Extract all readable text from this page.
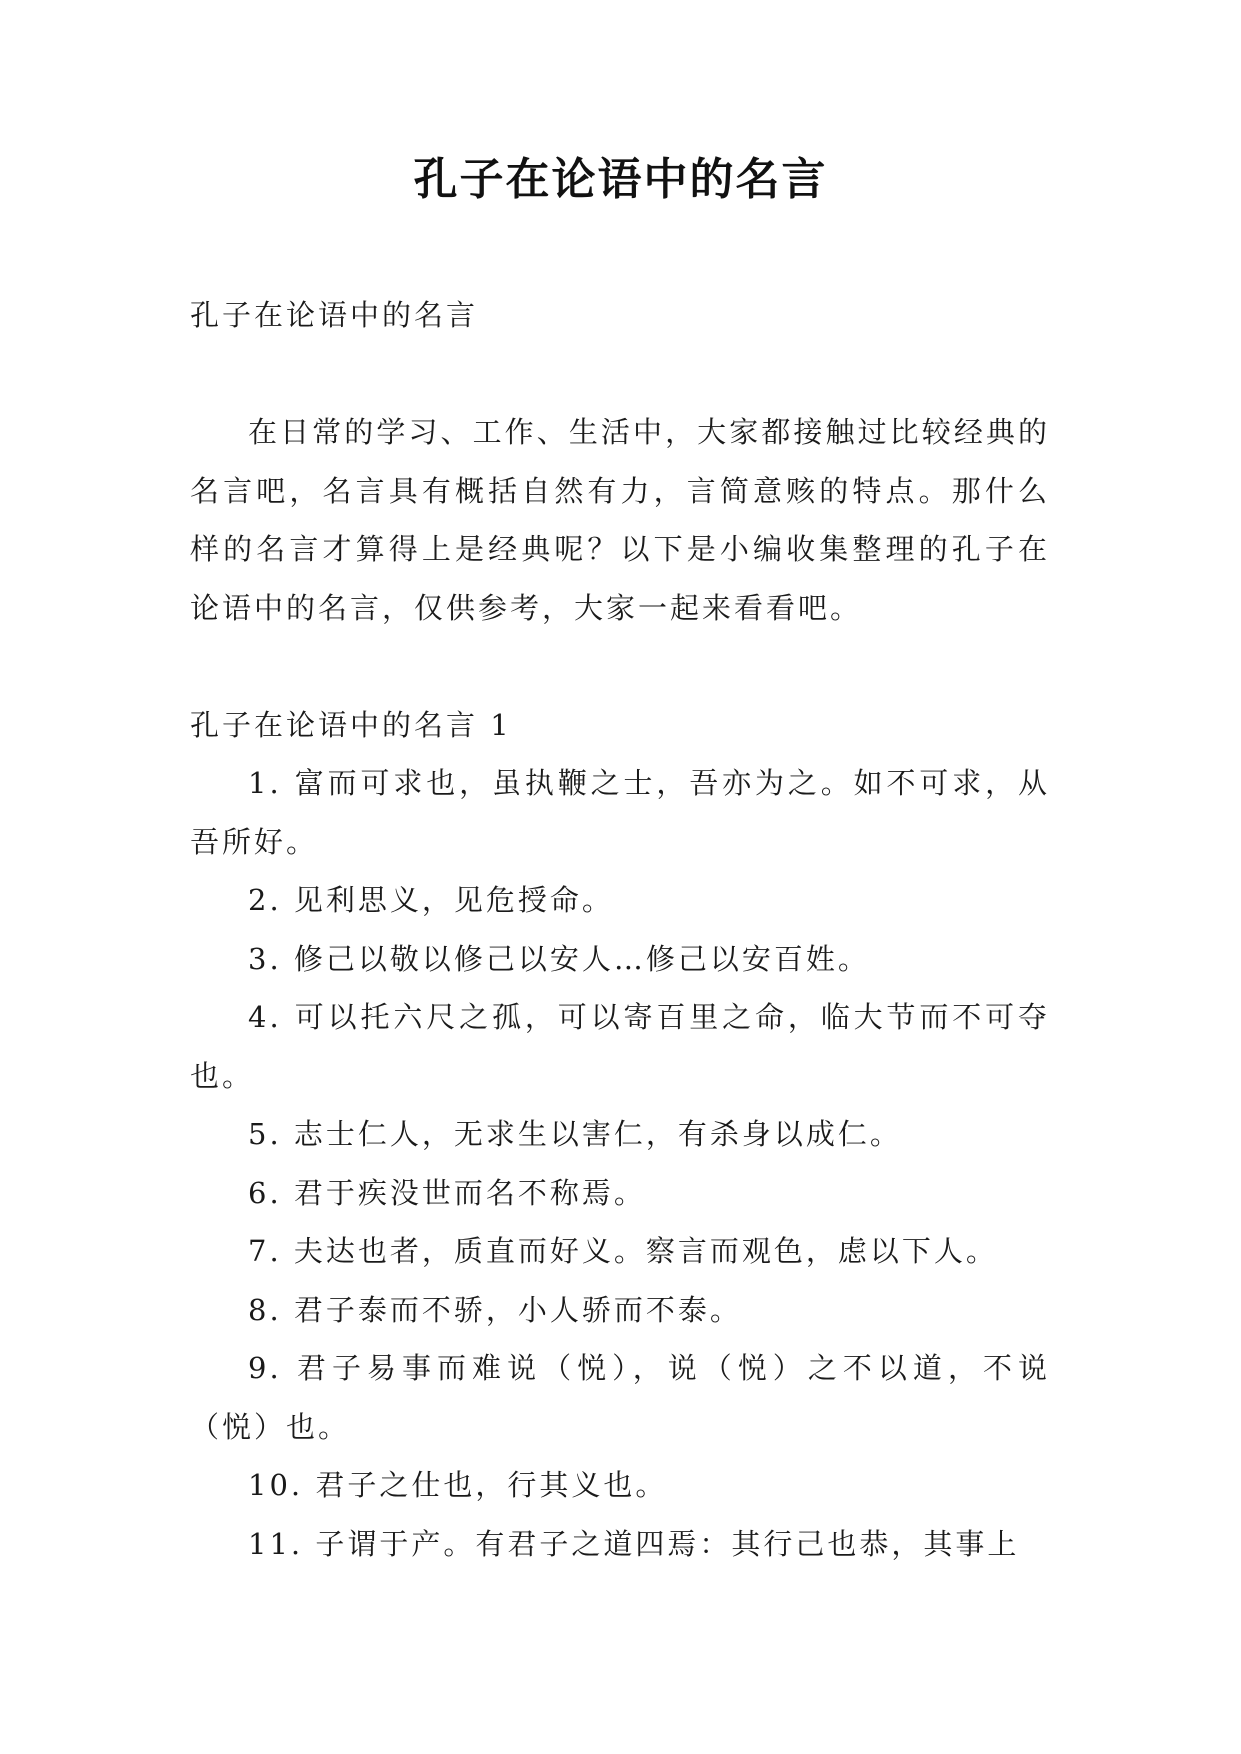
孔子在论语中的名言

孔子在论语中的名言

在日常的学习、工作、生活中，大家都接触过比较经典的名言吧，名言具有概括自然有力，言简意赅的特点。那什么样的名言才算得上是经典呢？以下是小编收集整理的孔子在论语中的名言，仅供参考，大家一起来看看吧。

孔子在论语中的名言 1

1. 富而可求也，虽执鞭之士，吾亦为之。如不可求，从吾所好。

2. 见利思义，见危授命。

3. 修己以敬以修己以安人…修己以安百姓。

4. 可以托六尺之孤，可以寄百里之命，临大节而不可夺也。

5. 志士仁人，无求生以害仁，有杀身以成仁。

6. 君于疾没世而名不称焉。

7. 夫达也者，质直而好义。察言而观色，虑以下人。

8. 君子泰而不骄，小人骄而不泰。

9. 君子易事而难说（悦），说（悦）之不以道，不说（悦）也。

10. 君子之仕也，行其义也。

11. 子谓于产。有君子之道四焉：其行己也恭，其事上
